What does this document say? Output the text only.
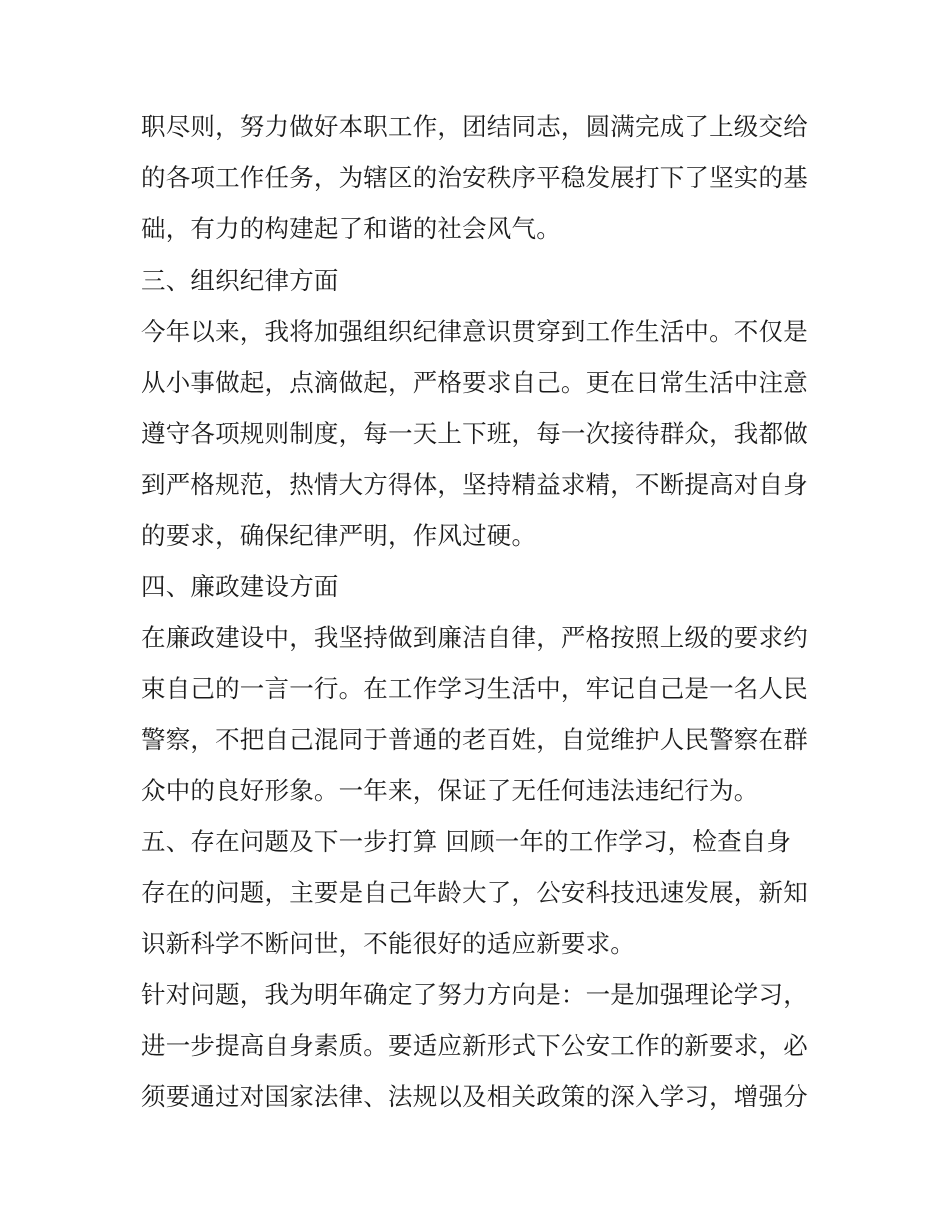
职尽则，努力做好本职工作，团结同志，圆满完成了上级交给
的各项工作任务，为辖区的治安秩序平稳发展打下了坚实的基
础，有力的构建起了和谐的社会风气。
三、组织纪律方面
今年以来，我将加强组织纪律意识贯穿到工作生活中。不仅是
从小事做起，点滴做起，严格要求自己。更在日常生活中注意
遵守各项规则制度，每一天上下班，每一次接待群众，我都做
到严格规范，热情大方得体，坚持精益求精，不断提高对自身
的要求，确保纪律严明，作风过硬。
四、廉政建设方面
在廉政建设中，我坚持做到廉洁自律，严格按照上级的要求约
束自己的一言一行。在工作学习生活中，牢记自己是一名人民
警察，不把自己混同于普通的老百姓，自觉维护人民警察在群
众中的良好形象。一年来，保证了无任何违法违纪行为。
五、存在问题及下一步打算 回顾一年的工作学习，检查自身
存在的问题，主要是自己年龄大了，公安科技迅速发展，新知
识新科学不断问世，不能很好的适应新要求。
针对问题，我为明年确定了努力方向是：一是加强理论学习，
进一步提高自身素质。要适应新形式下公安工作的新要求，必
须要通过对国家法律、法规以及相关政策的深入学习，增强分
